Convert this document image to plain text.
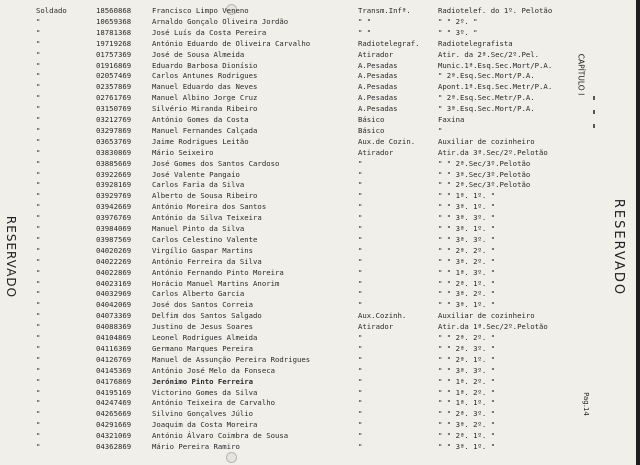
Soldado	18560868	Francisco Limpo Veneno	Transm.Infª.	Radiotelef. do 1º. Pelotão
"	10659368	Arnaldo Gonçalo Oliveira Jordão	" "	" " 2º. "
"	18781368	José Luís da Costa Pereira	" "	" " 3º. "
"	19719268	António Eduardo de Oliveira Carvalho	Radiotelegraf.	Radiotelegrafista
"	01757369	José de Sousa Almeida	Atirador	Atir. da 2ª.Sec/2º.Pel.
"	01916869	Eduardo Barbosa Dionísio	A.Pesadas	Munic.1ª.Esq.Sec.Mort/P.A.
"	02057469	Carlos Antunes Rodrigues	A.Pesadas	" 2ª.Esq.Sec.Mort/P.A.
"	02357869	Manuel Eduardo das Neves	A.Pesadas	Apont.1ª.Esq.Sec.Metr/P.A.
"	02761769	Manuel Albino Jorge Cruz	A.Pesadas	" 2ª.Esq.Sec.Metr/P.A.
"	03150769	Silvério Miranda Ribeiro	A.Pesadas	" 3ª.Esq.Sec.Mort/P.A.
"	03212769	António Gomes da Costa	Básico	Faxina
"	03297869	Manuel Fernandes Calçada	Básico	"
"	03653769	Jaime Rodrigues Leitão	Aux.de Cozin.	Auxiliar de cozinheiro
"	03830869	Mário Seixeiro	Atirador	Atir.da 3ª.Sec/2º.Pelotão
"	03885669	José Gomes dos Santos Cardoso	"	" " 2ª.Sec/3º.Pelotão
"	03922669	José Valente Pangaio	"	" " 3ª.Sec/3º.Pelotão
"	03928169	Carlos Faria da Silva	"	" " 2ª.Sec/3º.Pelotão
"	03929769	Alberto de Sousa Ribeiro	"	" " 1ª. 1º. "
"	03942669	António Moreira dos Santos	"	" " 3ª. 1º. "
"	03976769	António da Silva Teixeira	"	" " 3ª. 3º. "
"	03984069	Manuel Pinto da Silva	"	" " 3ª. 1º. "
"	03987569	Carlos Celestino Valente	"	" " 3ª. 3º. "
"	04020269	Virgílio Gaspar Martins	"	" " 2ª. 2º. "
"	04022269	António Ferreira da Silva	"	" " 3ª. 2º. "
"	04022869	António Fernando Pinto Moreira	"	" " 1ª. 3º. "
"	04023169	Horácio Manuel Martins Anorim	"	" " 2ª. 1º. "
"	04032969	Carlos Alberto Garcia	"	" " 3ª. 2º. "
"	04042069	José dos Santos Correia	"	" " 3ª. 1º. "
"	04073369	Delfim dos Santos Salgado	Aux.Cozinh.	Auxiliar de cozinheiro
"	04088369	Justino de Jesus Soares	Atirador	Atir.da 1ª.Sec/2º.Pelotão
"	04104869	Leonel Rodrigues Almeida	"	" " 2ª. 2º. "
"	04116369	Germano Marques Pereira	"	" " 2ª. 3º. "
"	04126769	Manuel de Assunção Pereira Rodrigues	"	" " 2ª. 1º. "
"	04145369	António José Melo da Fonseca	"	" " 3ª. 3º. "
"	04176869	Jerónimo Pinto Ferreira	"	" " 1ª. 2º. "
"	04195169	Victorino Gomes da Silva	"	" " 1ª. 2º. "
"	04247469	António Teixeira de Carvalho	"	" " 1ª. 1º. "
"	04265669	Silvino Gonçalves Júlio	"	" " 2ª. 3º. "
"	04291669	Joaquim da Costa Moreira	"	" " 3ª. 2º. "
"	04321069	António Álvaro Coimbra de Sousa	"	" " 2ª. 1º. "
"	04362869	Mário Pereira Ramiro	"	" " 3ª. 1º. "
RESERVADO	RESERVADO
CAPÍTULO I
Pag.14
